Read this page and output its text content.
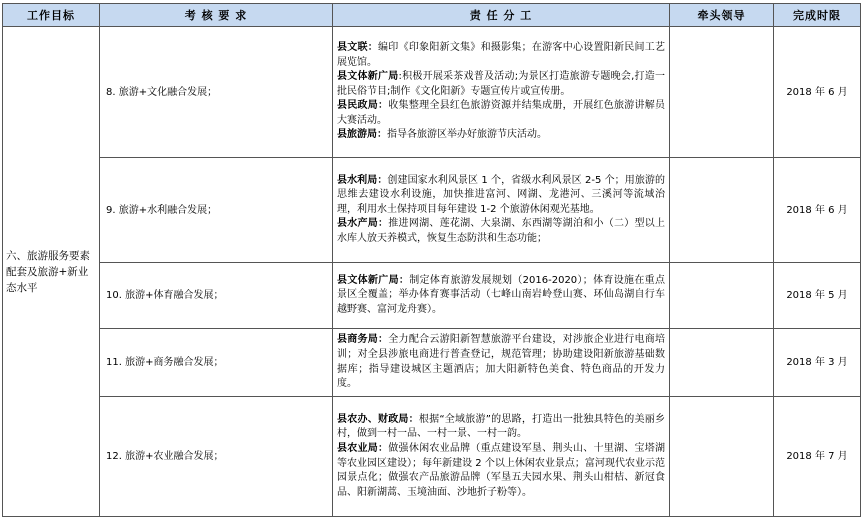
工作目标	考 核 要 求	责 任 分 工	牵头领导	完成时限
六、旅游服务要素配套及旅游+新业态水平	8. 旅游+文化融合发展；	县文联：编印《印象阳新文集》和摄影集；在游客中心设置阳新民间工艺展览馆。
县文体新广局:积极开展采茶戏普及活动;为景区打造旅游专题晚会,打造一批民俗节目;制作《文化阳新》专题宣传片或宣传册。
县民政局：收集整理全县红色旅游资源并结集成册，开展红色旅游讲解员大赛活动。
县旅游局：指导各旅游区举办好旅游节庆活动。		2018 年 6 月
	9. 旅游+水利融合发展；	县水利局：创建国家水利风景区 1 个，省级水利风景区 2-5 个；用旅游的思维去建设水利设施，加快推进富河、网湖、龙港河、三溪河等流域治理，利用水土保持项目每年建设 1-2 个旅游休闲观光基地。
县水产局：推进网湖、莲花湖、大泉湖、东西湖等湖泊和小（二）型以上水库人放天养模式，恢复生态防洪和生态功能；		2018 年 6 月
	10. 旅游+体育融合发展；	县文体新广局：制定体育旅游发展规划（2016-2020）；体育设施在重点景区全覆盖；举办体育赛事活动（七峰山南岩岭登山赛、环仙岛湖自行车越野赛、富河龙舟赛）。		2018 年 5 月
	11. 旅游+商务融合发展；	县商务局：全力配合云游阳新智慧旅游平台建设，对涉旅企业进行电商培训；对全县涉旅电商进行普查登记，规范管理；协助建设阳新旅游基础数据库；指导建设城区主题酒店；加大阳新特色美食、特色商品的开发力度。		2018 年 3 月
	12. 旅游+农业融合发展；	县农办、财政局：根据“全域旅游”的思路，打造出一批独具特色的美丽乡村，做到一村一品、一村一景、一村一韵。
县农业局：做强休闲农业品牌（重点建设军垦、荆头山、十里湖、宝塔湖等农业园区建设）；每年新建设 2 个以上休闲农业景点；富河现代农业示范园景点化；做强农产品旅游品牌（军垦五夫园水果、荆头山柑桔、新冠食品、阳新湖蒿、玉境油面、沙地折子粉等）。		2018 年 7 月
